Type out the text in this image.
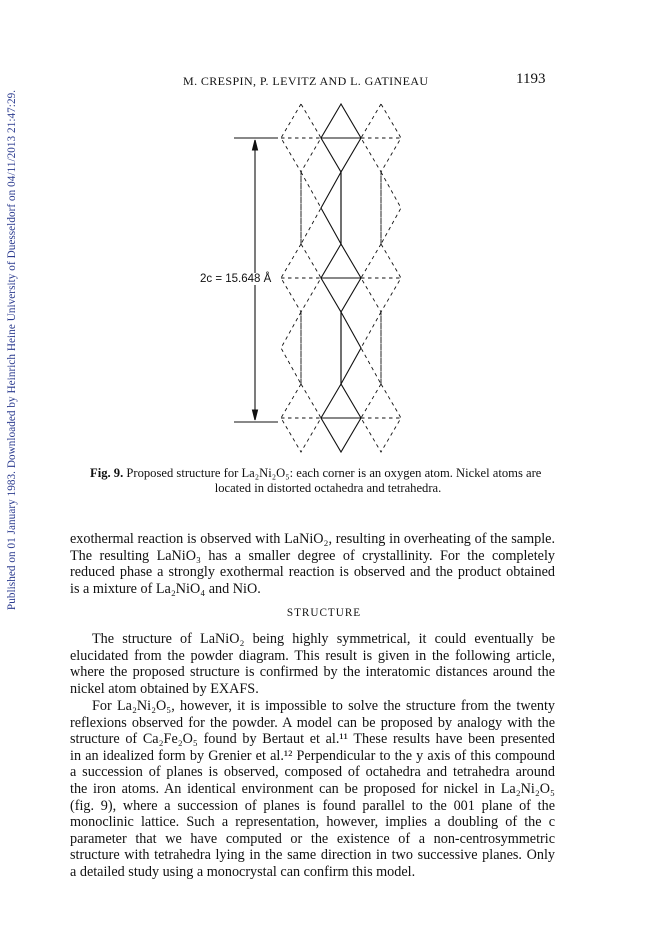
Published on 01 January 1983. Downloaded by Heinrich Heine University of Duesseldorf on 04/11/2013 21:47:29.
M. CRESPIN, P. LEVITZ AND L. GATINEAU	1193
2c = 15.648 Å
Fig. 9. Proposed structure for La₂Ni₂O₅: each corner is an oxygen atom. Nickel atoms are
located in distorted octahedra and tetrahedra.
exothermal reaction is observed with LaNiO₂, resulting in overheating of the sample.
The resulting LaNiO₃ has a smaller degree of crystallinity. For the completely
reduced phase a strongly exothermal reaction is observed and the product obtained
is a mixture of La₂NiO₄ and NiO.
STRUCTURE
The structure of LaNiO₂ being highly symmetrical, it could eventually be
elucidated from the powder diagram. This result is given in the following article,
where the proposed structure is confirmed by the interatomic distances around the
nickel atom obtained by EXAFS.
For La₂Ni₂O₅, however, it is impossible to solve the structure from the twenty
reflexions observed for the powder. A model can be proposed by analogy with the
structure of Ca₂Fe₂O₅ found by Bertaut et al.¹¹ These results have been presented
in an idealized form by Grenier et al.¹² Perpendicular to the y axis of this compound
a succession of planes is observed, composed of octahedra and tetrahedra around
the iron atoms. An identical environment can be proposed for nickel in La₂Ni₂O₅
(fig. 9), where a succession of planes is found parallel to the 001 plane of the
monoclinic lattice. Such a representation, however, implies a doubling of the c
parameter that we have computed or the existence of a non-centrosymmetric
structure with tetrahedra lying in the same direction in two successive planes. Only
a detailed study using a monocrystal can confirm this model.
